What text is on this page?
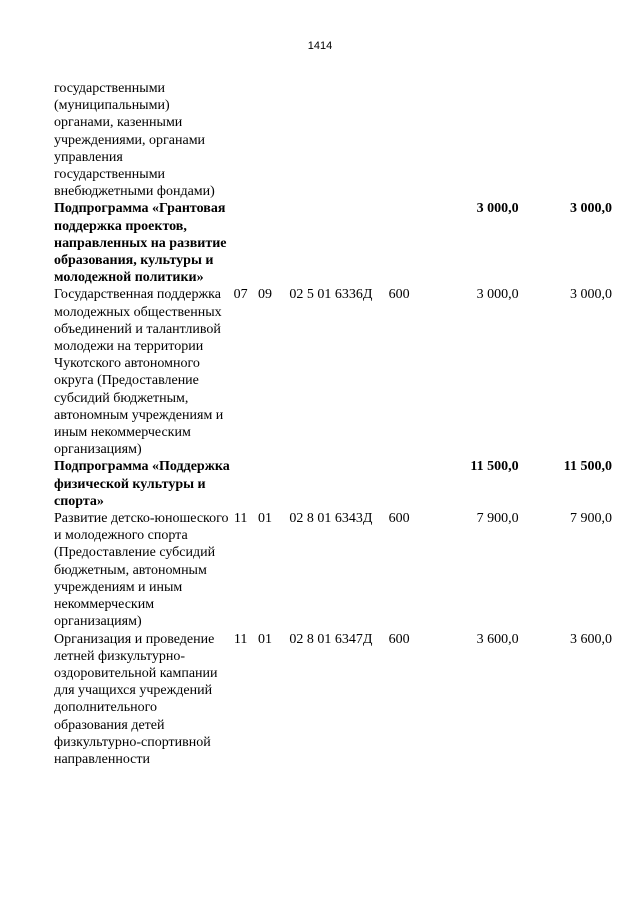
1414
государственными (муниципальными) органами, казенными учреждениями, органами управления государственными внебюджетными фондами)						
Подпрограмма «Грантовая поддержка проектов, направленных на развитие образования, культуры и молодежной политики»					3 000,0	3 000,0
Государственная поддержка молодежных общественных объединений и талантливой молодежи на территории Чукотского автономного округа (Предоставление субсидий бюджетным, автономным учреждениям и иным некоммерческим организациям)	07	09	02 5 01 6336Д	600	3 000,0	3 000,0
Подпрограмма «Поддержка физической культуры и спорта»					11 500,0	11 500,0
Развитие детско-юношеского и молодежного спорта (Предоставление субсидий бюджетным, автономным учреждениям и иным некоммерческим организациям)	11	01	02 8 01 6343Д	600	7 900,0	7 900,0
Организация и проведение летней физкультурно-оздоровительной кампании для учащихся учреждений дополнительного образования детей физкультурно-спортивной направленности	11	01	02 8 01 6347Д	600	3 600,0	3 600,0
